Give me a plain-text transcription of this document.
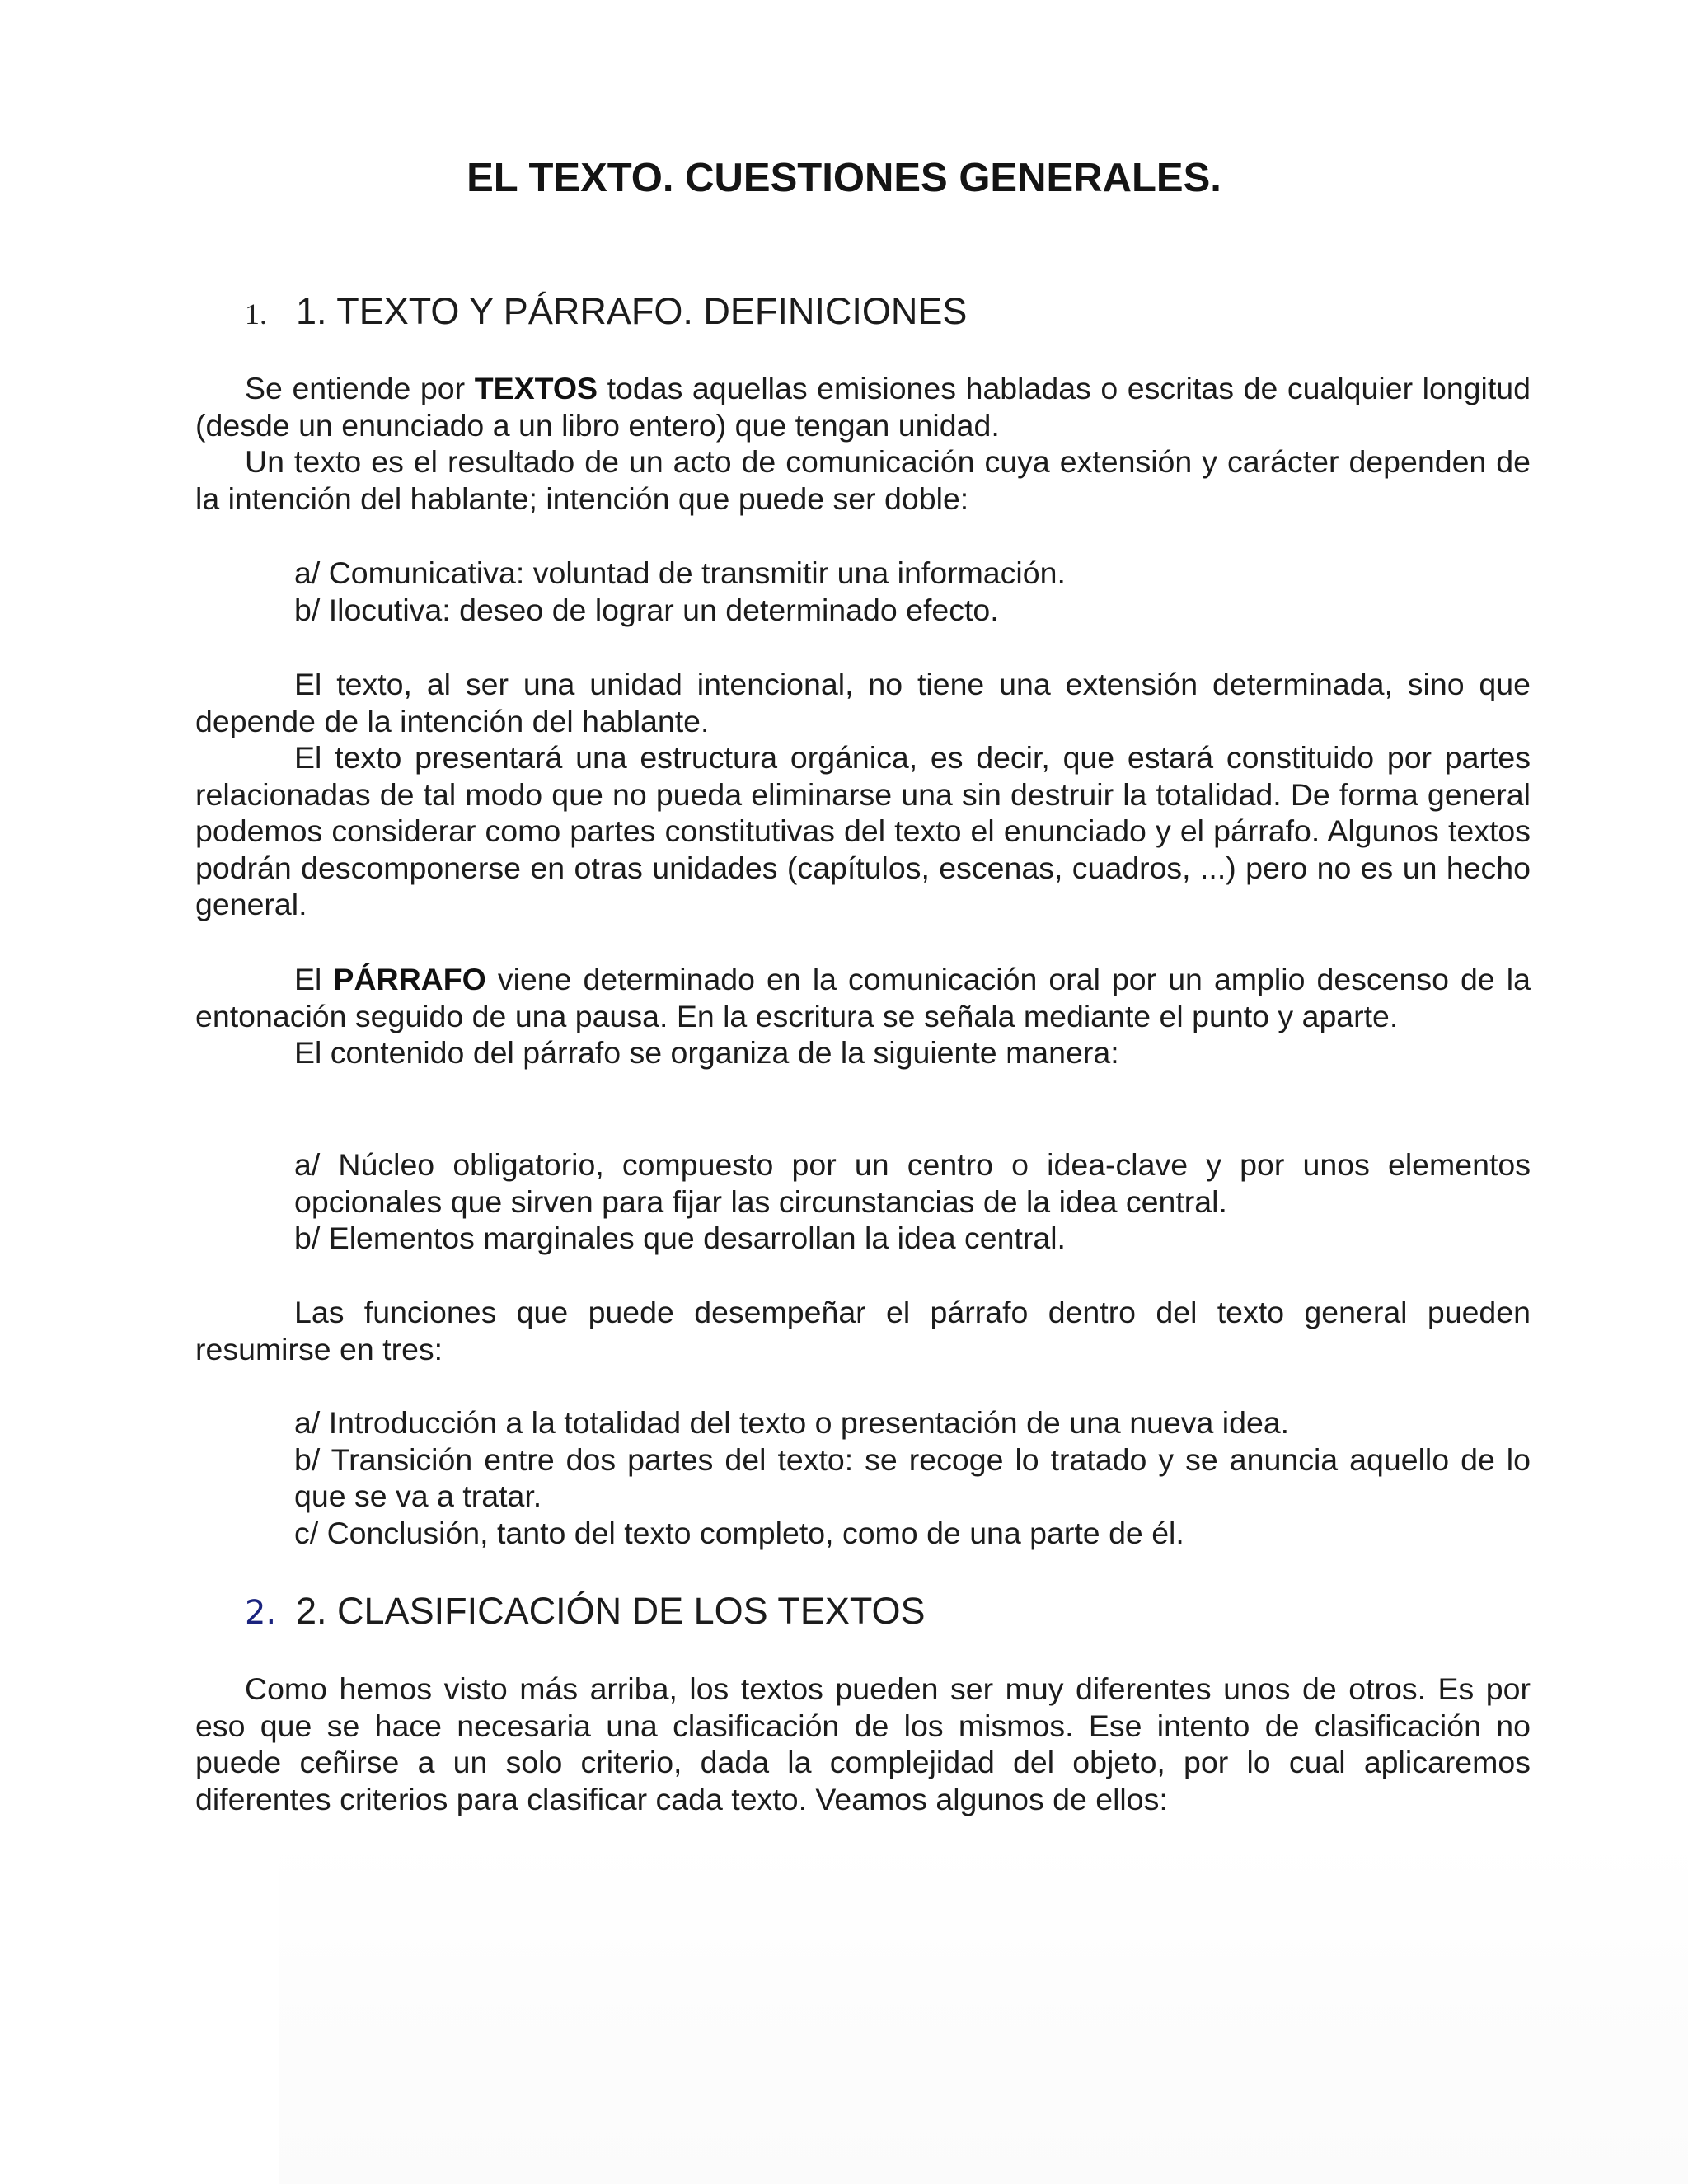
EL TEXTO. CUESTIONES GENERALES.
1. 1. TEXTO Y PÁRRAFO. DEFINICIONES

Se entiende por TEXTOS todas aquellas emisiones habladas o escritas de cualquier longitud (desde un enunciado a un libro entero) que tengan unidad.

Un texto es el resultado de un acto de comunicación cuya extensión y carácter dependen de la intención del hablante; intención que puede ser doble:

a/ Comunicativa: voluntad de transmitir una información.

b/ Ilocutiva: deseo de lograr un determinado efecto.

El texto, al ser una unidad intencional, no tiene una extensión determinada, sino que depende de la intención del hablante.

El texto presentará una estructura orgánica, es decir, que estará constituido por partes relacionadas de tal modo que no pueda eliminarse una sin destruir la totalidad. De forma general podemos considerar como partes constitutivas del texto el enunciado y el párrafo. Algunos textos podrán descomponerse en otras unidades (capítulos, escenas, cuadros, ...) pero no es un hecho general.

El PÁRRAFO viene determinado en la comunicación oral por un amplio descenso de la entonación seguido de una pausa. En la escritura se señala mediante el punto y aparte.

El contenido del párrafo se organiza de la siguiente manera:

a/ Núcleo obligatorio, compuesto por un centro o idea-clave y por unos elementos opcionales que sirven para fijar las circunstancias de la idea central.

b/ Elementos marginales que desarrollan la idea central.

Las funciones que puede desempeñar el párrafo dentro del texto general pueden resumirse en tres:

a/ Introducción a la totalidad del texto o presentación de una nueva idea.

b/ Transición entre dos partes del texto: se recoge lo tratado y se anuncia aquello de lo que se va a tratar.

c/ Conclusión, tanto del texto completo, como de una parte de él.

2. 2. CLASIFICACIÓN DE LOS TEXTOS

Como hemos visto más arriba, los textos pueden ser muy diferentes unos de otros. Es por eso que se hace necesaria una clasificación de los mismos. Ese intento de clasificación no puede ceñirse a un solo criterio, dada la complejidad del objeto, por lo cual aplicaremos diferentes criterios para clasificar cada texto. Veamos algunos de ellos:
